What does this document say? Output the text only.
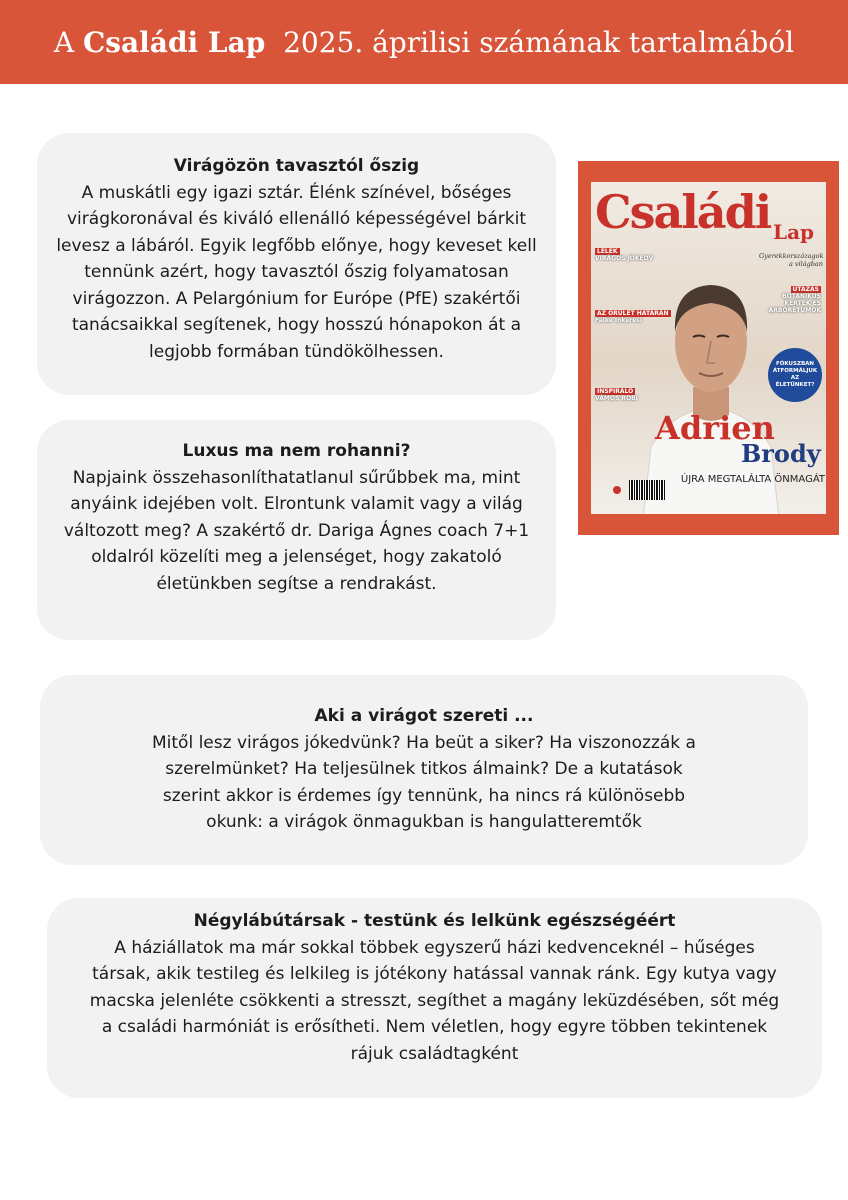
A Családi Lap 2025. áprilisi számának tartalmából
Virágözön tavasztól őszig
A muskátli egy igazi sztár. Élénk színével, bőséges virágkoronával és kiváló ellenálló képességével bárkit levesz a lábáról. Egyik legfőbb előnye, hogy keveset kell tennünk azért, hogy tavasztól őszig folyamatosan virágozzon. A Pelargónium for Európe (PfE) szakértői tanácsaikkal segítenek, hogy hosszú hónapokon át a legjobb formában tündökölhessen.
Luxus ma nem rohanni?
Napjaink összehasonlíthatatlanul sűrűbbek ma, mint anyáink idejében volt. Elrontunk valamit vagy a világ változott meg? A szakértő dr. Dariga Ágnes coach 7+1 oldalról közelíti meg a jelenséget, hogy zakatoló életünkben segítse a rendrakást.
Aki a virágot szereti ...
Mitől lesz virágos jókedvünk? Ha beüt a siker? Ha viszonozzák a szerelmünket? Ha teljesülnek titkos álmaink? De a kutatások szerint akkor is érdemes így tennünk, ha nincs rá különösebb okunk: a virágok önmagukban is hangulatteremtők
Négylábútársak - testünk és lelkünk egészségéért
A háziállatok ma már sokkal többek egyszerű házi kedvenceknél – hűséges társak, akik testileg és lelkileg is jótékony hatással vannak ránk. Egy kutya vagy macska jelenléte csökkenti a stresszt, segíthet a magány leküzdésében, sőt még a családi harmóniát is erősítheti. Nem véletlen, hogy egyre többen tekintenek rájuk családtagként
Családi Lap
Gyerekkorszázagok a világban
LÉLEK
VIRÁGOS JÓKEDV
AZ ŐRÜLET HATÁRÁN
Falke Inkeresi
INSPIRÁLÓ
VÁMOS ROBI
UTAZÁS
BOTANIKUS KERTEK ÉS ARBORÉTUMOK
FÓKUSZBAN
ÁTFORMÁLJUK AZ
ÉLETÜNKET?
Adrien
Brody
ÚJRA MEGTALÁLTA ÖNMAGÁT
